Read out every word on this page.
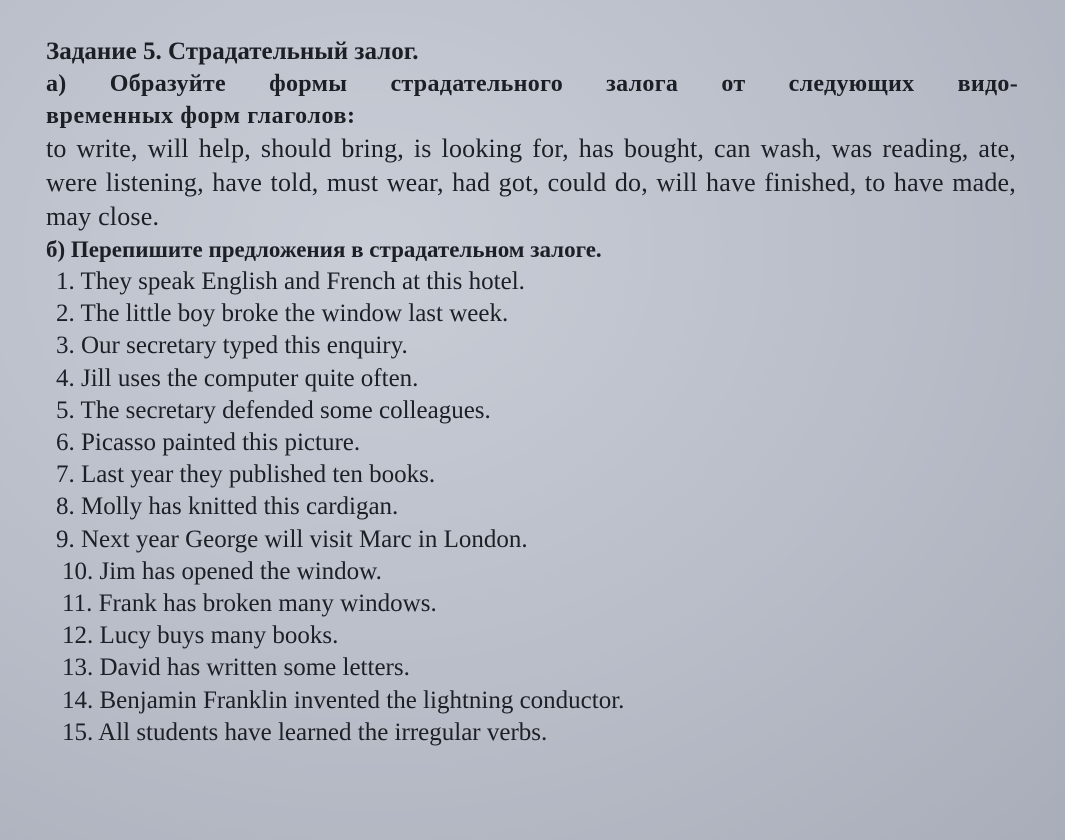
Задание 5. Страдательный залог.

а) Образуйте формы страдательного залога от следующих видо-
временных форм глаголов:

to write, will help, should bring, is looking for, has bought, can wash, was reading, ate, were listening, have told, must wear, had got, could do, will have finished, to have made, may close.

б) Перепишите предложения в страдательном залоге.

1. They speak English and French at this hotel.
2. The little boy broke the window last week.
3. Our secretary typed this enquiry.
4. Jill uses the computer quite often.
5. The secretary defended some colleagues.
6. Picasso painted this picture.
7. Last year they published ten books.
8. Molly has knitted this cardigan.
9. Next year George will visit Marc in London.
10. Jim has opened the window.
11. Frank has broken many windows.
12. Lucy buys many books.
13. David has written some letters.
14. Benjamin Franklin invented the lightning conductor.
15. All students have learned the irregular verbs.
